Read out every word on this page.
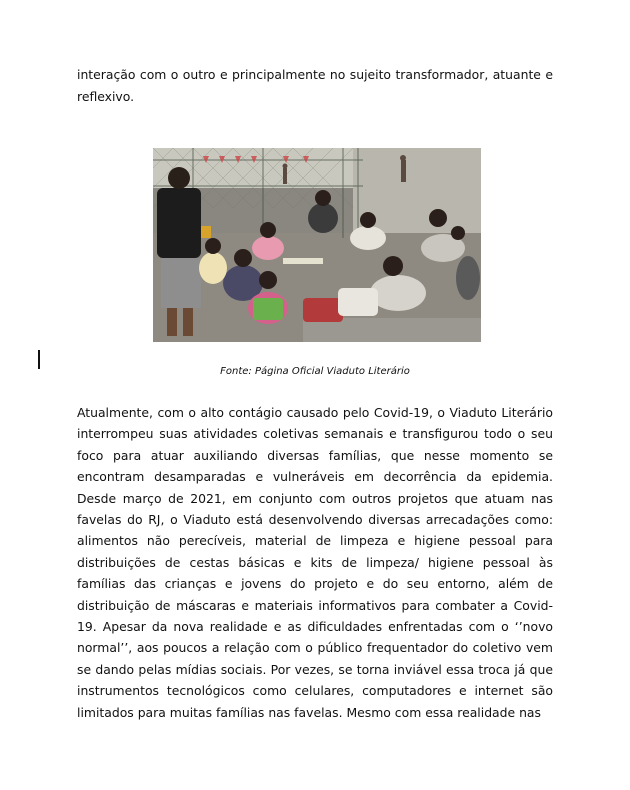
interação com o outro e principalmente no sujeito transformador, atuante e reflexivo.

Fonte: Página Oficial Viaduto Literário

Atualmente, com o alto contágio causado pelo Covid-19, o Viaduto Literário interrompeu suas atividades coletivas semanais e transfigurou todo o seu foco para atuar auxiliando diversas famílias, que nesse momento se encontram desamparadas e vulneráveis em decorrência da epidemia. Desde março de 2021, em conjunto com outros projetos que atuam nas favelas do RJ, o Viaduto está desenvolvendo diversas arrecadações como: alimentos não perecíveis, material de limpeza e higiene pessoal para distribuições de cestas básicas e kits de limpeza/ higiene pessoal às famílias das crianças e jovens do projeto e do seu entorno, além de distribuição de máscaras e materiais informativos para combater a Covid-19. Apesar da nova realidade e as dificuldades enfrentadas com o ‘’novo normal’’, aos poucos a relação com o público frequentador do coletivo vem se dando pelas mídias sociais. Por vezes, se torna inviável essa troca já que instrumentos tecnológicos como celulares, computadores e internet são limitados para muitas famílias nas favelas. Mesmo com essa realidade nas
